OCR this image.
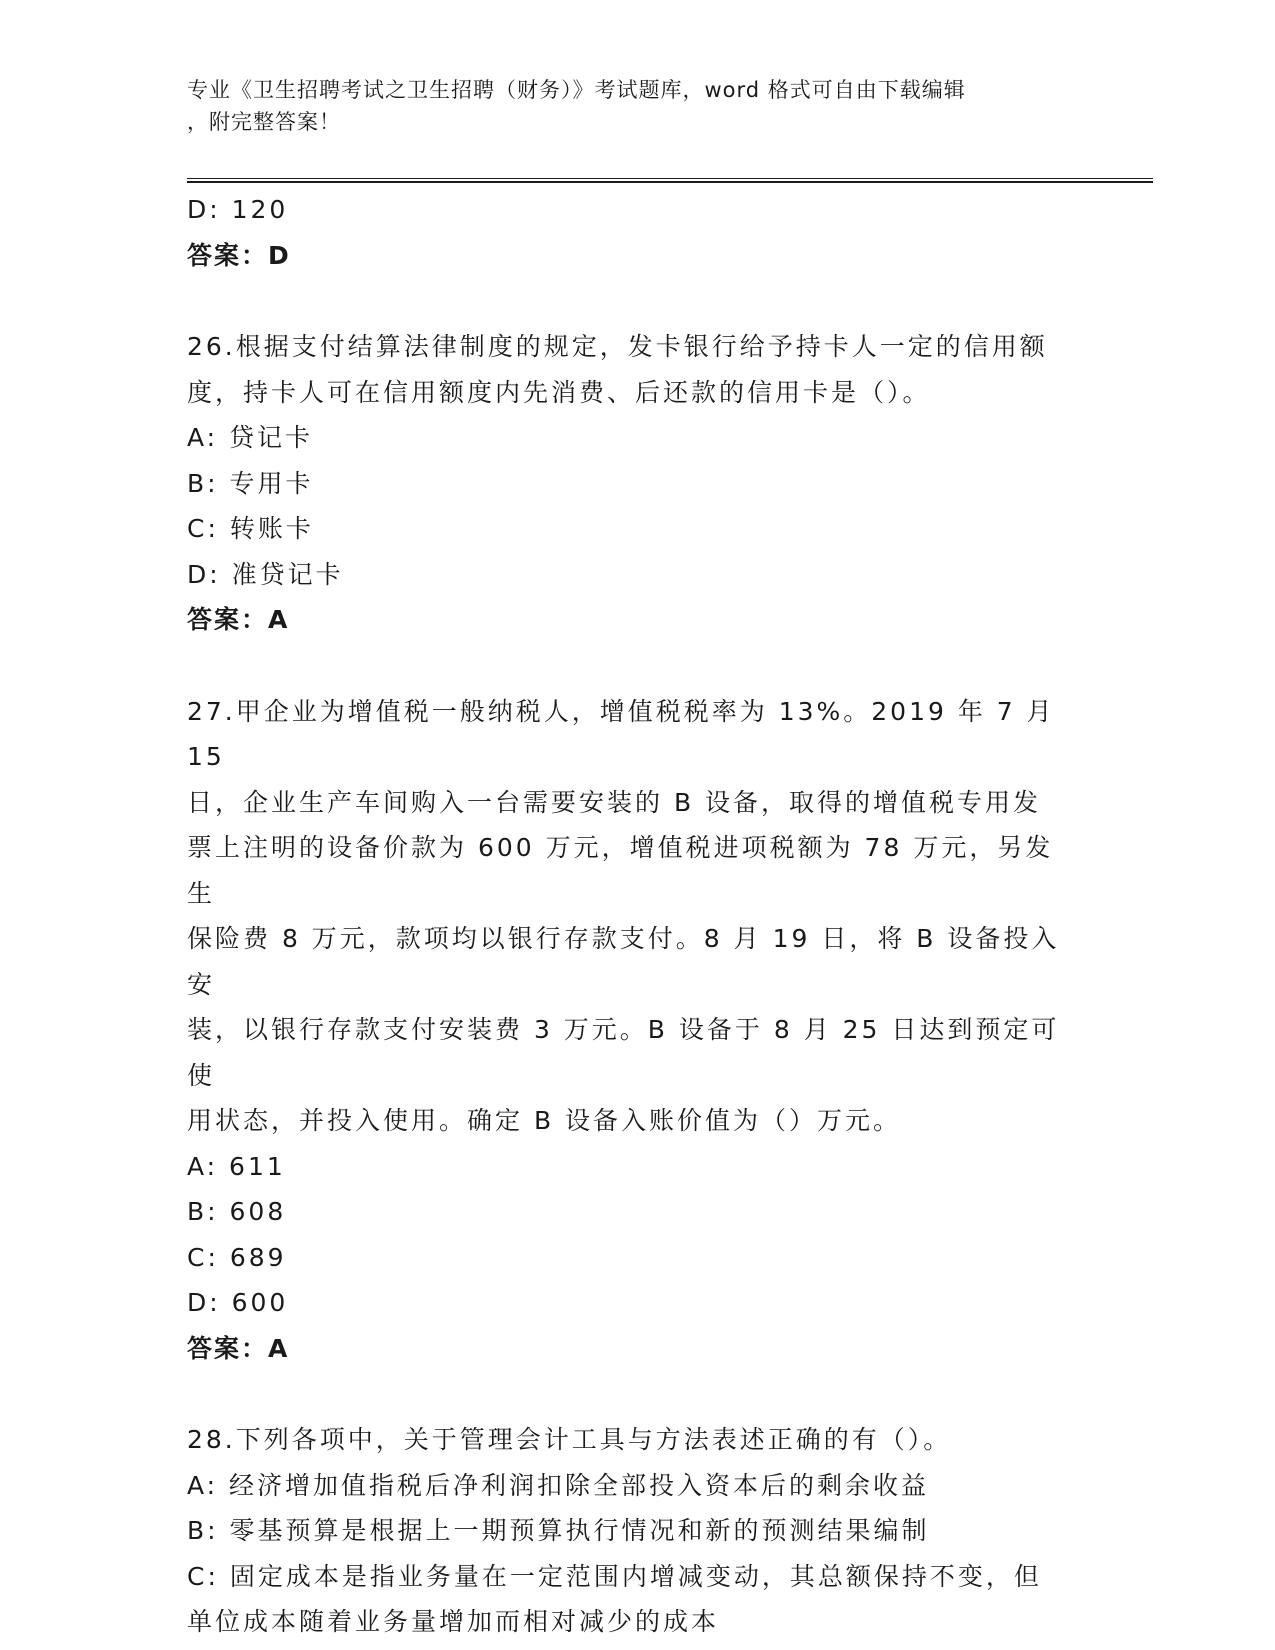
专业《卫生招聘考试之卫生招聘（财务）》考试题库，word 格式可自由下载编辑
，附完整答案！
D: 120
答案：D
26.根据支付结算法律制度的规定，发卡银行给予持卡人一定的信用额
度，持卡人可在信用额度内先消费、后还款的信用卡是（）。
A: 贷记卡
B: 专用卡
C: 转账卡
D: 准贷记卡
答案：A
27.甲企业为增值税一般纳税人，增值税税率为 13%。2019 年 7 月 15
日，企业生产车间购入一台需要安装的 B 设备，取得的增值税专用发
票上注明的设备价款为 600 万元，增值税进项税额为 78 万元，另发生
保险费 8 万元，款项均以银行存款支付。8 月 19 日，将 B 设备投入安
装，以银行存款支付安装费 3 万元。B 设备于 8 月 25 日达到预定可使
用状态，并投入使用。确定 B 设备入账价值为（）万元。
A: 611
B: 608
C: 689
D: 600
答案：A
28.下列各项中，关于管理会计工具与方法表述正确的有（）。
A: 经济增加值指税后净利润扣除全部投入资本后的剩余收益
B: 零基预算是根据上一期预算执行情况和新的预测结果编制
C: 固定成本是指业务量在一定范围内增减变动，其总额保持不变，但
单位成本随着业务量增加而相对减少的成本
